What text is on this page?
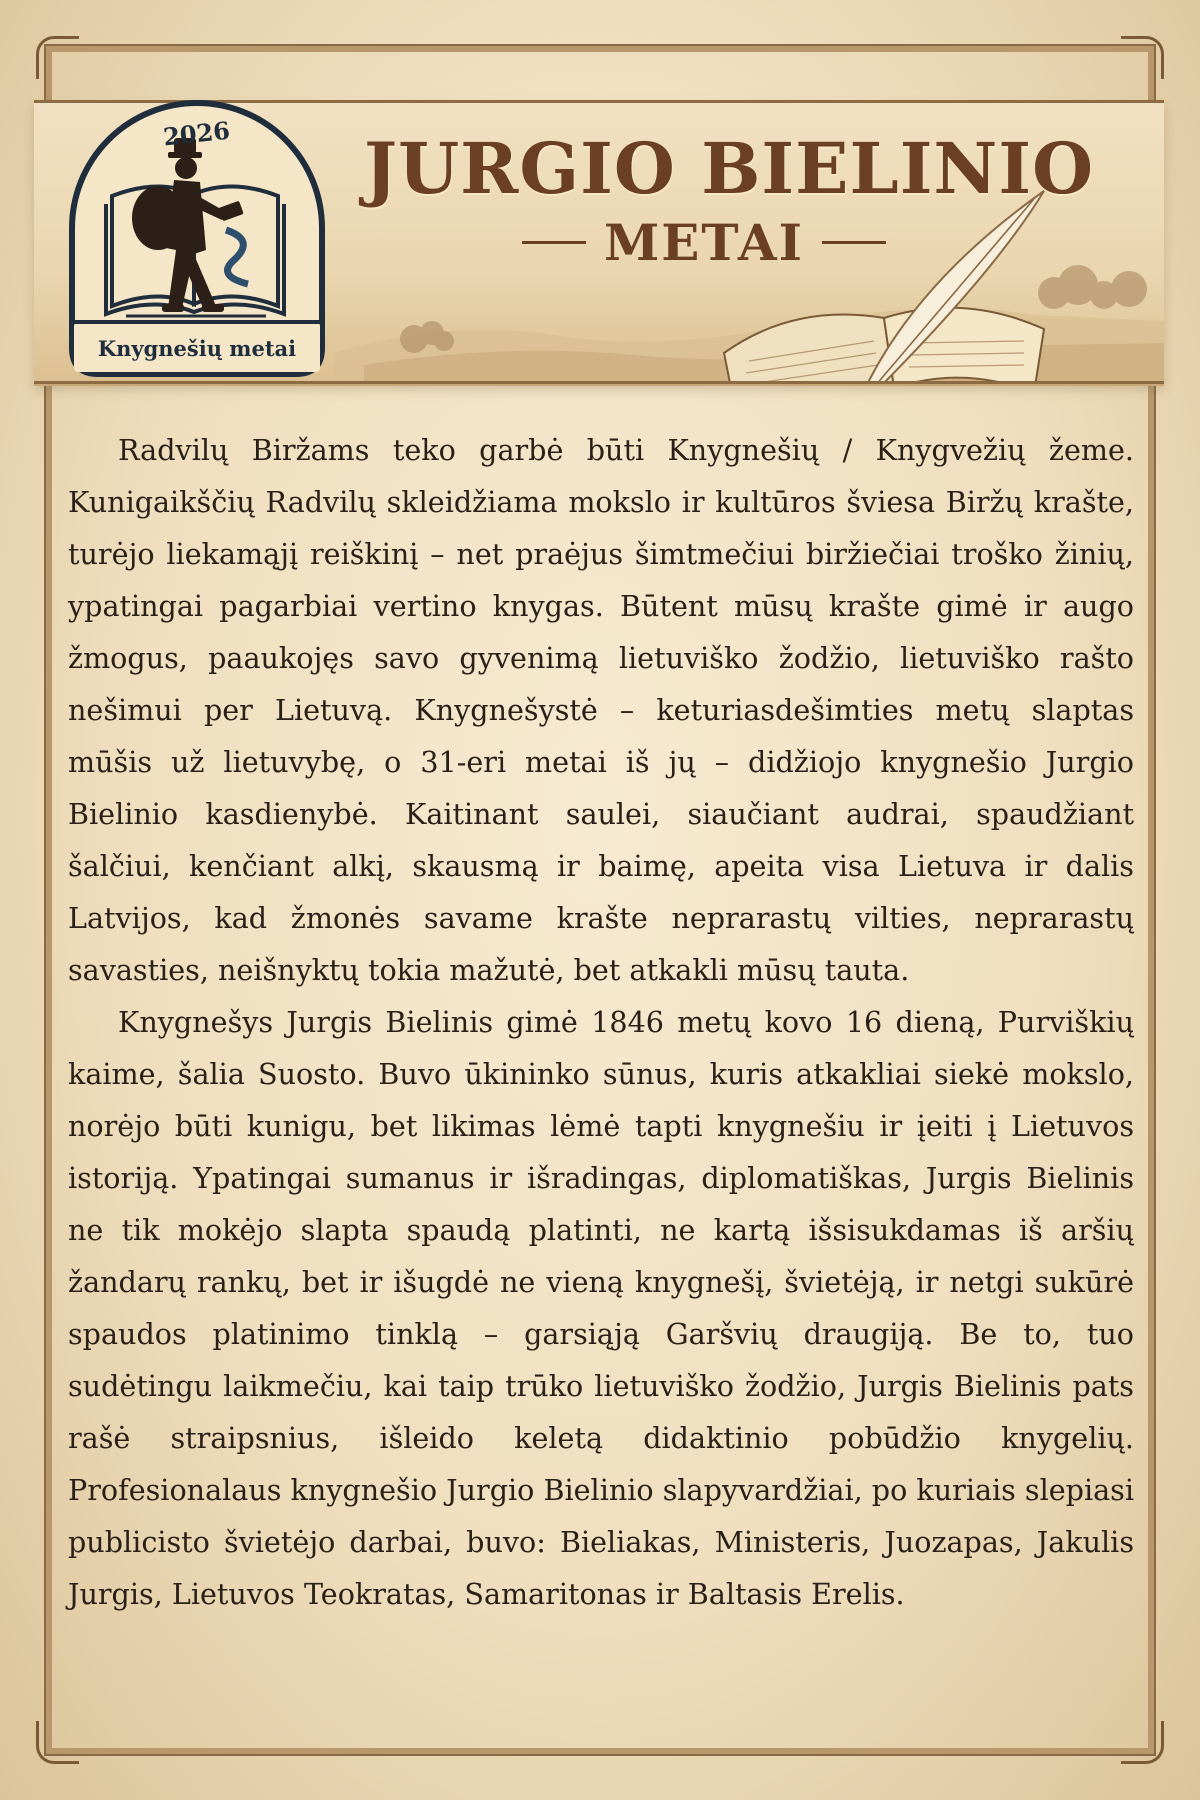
JURGIO BIELINIO
METAI
2026
Knygnešių metai

Radvilų Biržams teko garbė būti Knygnešių / Knygvežių žeme. Kunigaikščių Radvilų skleidžiama mokslo ir kultūros šviesa Biržų krašte, turėjo liekamąjį reiškinį – net praėjus šimtmečiui biržiečiai troško žinių, ypatingai pagarbiai vertino knygas. Būtent mūsų krašte gimė ir augo žmogus, paaukojęs savo gyvenimą lietuviško žodžio, lietuviško rašto nešimui per Lietuvą. Knygnešystė – keturiasdešimties metų slaptas mūšis už lietuvybę, o 31-eri metai iš jų – didžiojo knygnešio Jurgio Bielinio kasdienybė. Kaitinant saulei, siaučiant audrai, spaudžiant šalčiui, kenčiant alkį, skausmą ir baimę, apeita visa Lietuva ir dalis Latvijos, kad žmonės savame krašte neprarastų vilties, neprarastų savasties, neišnyktų tokia mažutė, bet atkakli mūsų tauta.

Knygnešys Jurgis Bielinis gimė 1846 metų kovo 16 dieną, Purviškių kaime, šalia Suosto. Buvo ūkininko sūnus, kuris atkakliai siekė mokslo, norėjo būti kunigu, bet likimas lėmė tapti knygnešiu ir įeiti į Lietuvos istoriją. Ypatingai sumanus ir išradingas, diplomatiškas, Jurgis Bielinis ne tik mokėjo slapta spaudą platinti, ne kartą išsisukdamas iš aršių žandarų rankų, bet ir išugdė ne vieną knygnešį, švietėją, ir netgi sukūrė spaudos platinimo tinklą – garsiąją Garšvių draugiją. Be to, tuo sudėtingu laikmečiu, kai taip trūko lietuviško žodžio, Jurgis Bielinis pats rašė straipsnius, išleido keletą didaktinio pobūdžio knygelių. Profesionalaus knygnešio Jurgio Bielinio slapyvardžiai, po kuriais slepiasi publicisto švietėjo darbai, buvo: Bieliakas, Ministeris, Juozapas, Jakulis Jurgis, Lietuvos Teokratas, Samaritonas ir Baltasis Erelis.
